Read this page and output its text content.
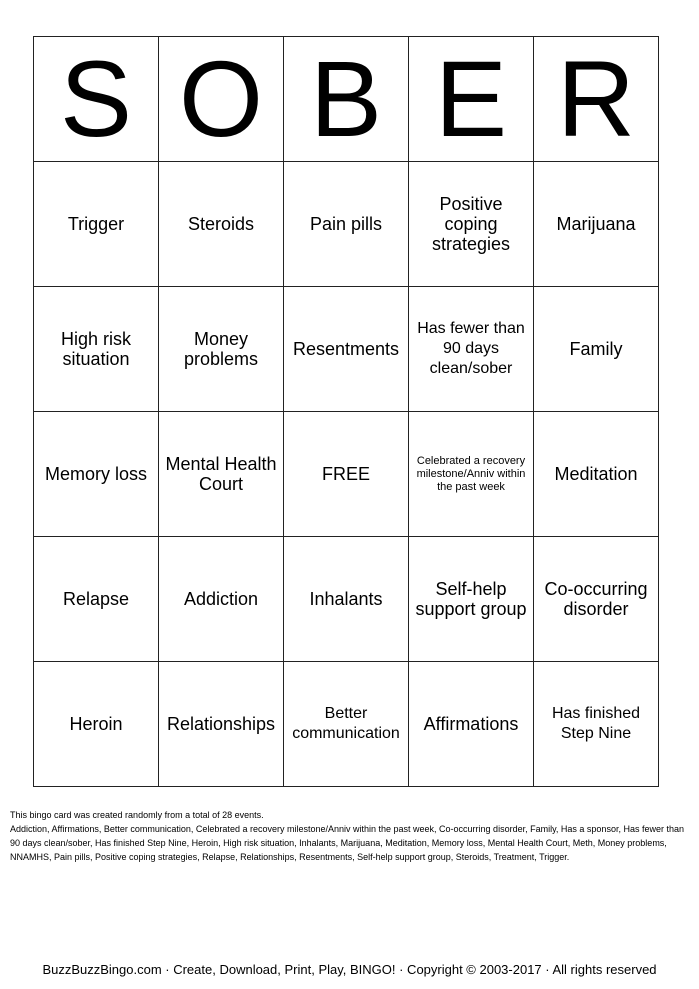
S	O	B	E	R
Trigger	Steroids	Pain pills	Positive coping strategies	Marijuana
High risk situation	Money problems	Resentments	Has fewer than 90 days clean/sober	Family
Memory loss	Mental Health Court	FREE	Celebrated a recovery milestone/Anniv within the past week	Meditation
Relapse	Addiction	Inhalants	Self-help support group	Co-occurring disorder
Heroin	Relationships	Better communication	Affirmations	Has finished Step Nine

This bingo card was created randomly from a total of 28 events.

Addiction, Affirmations, Better communication, Celebrated a recovery milestone/Anniv within the past week, Co-occurring disorder, Family, Has a sponsor, Has fewer than 90 days clean/sober, Has finished Step Nine, Heroin, High risk situation, Inhalants, Marijuana, Meditation, Memory loss, Mental Health Court, Meth, Money problems, NNAMHS, Pain pills, Positive coping strategies, Relapse, Relationships, Resentments, Self-help support group, Steroids, Treatment, Trigger.

BuzzBuzzBingo.com · Create, Download, Print, Play, BINGO! · Copyright © 2003-2017 · All rights reserved
